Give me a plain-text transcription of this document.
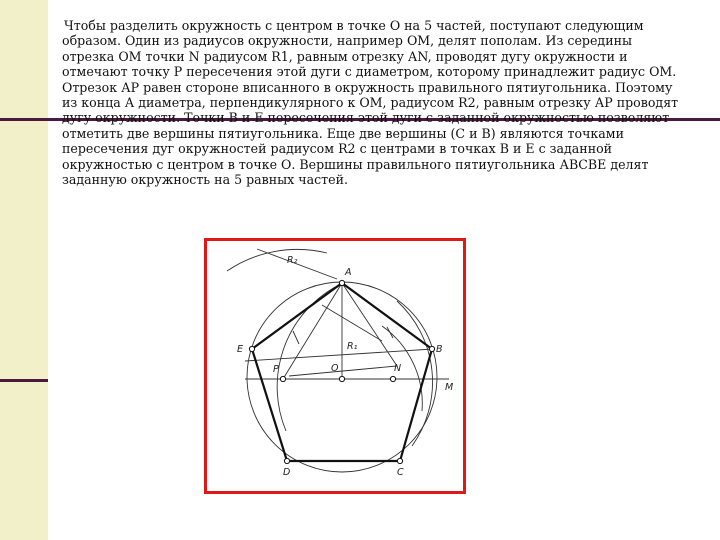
Чтобы разделить окружность с центром в точке О на 5 частей, поступают следующим образом. Один из радиусов окружности, например ОМ, делят пополам. Из середины отрезка ОМ точки N радиусом R1, равным отрезку АN, проводят дугу окружности и отмечают точку Р пересечения этой дуги с диаметром, которому принадлежит радиус ОМ. Отрезок АР равен стороне вписанного в окружность правильного пятиугольника. Поэтому из конца А диаметра, перпендикулярного к ОМ, радиусом R2, равным отрезку АР проводят дугу окружности. Точки В и Е пересечения этой дуги с заданной окружностью позволяют отметить две вершины пятиугольника. Еще две вершины (С и В) являются точками пересечения дуг окружностей радиусом R2 с центрами в точках В и Е с заданной окружностью с центром в точке О. Вершины правильного пятиугольника АВСВЕ делят заданную окружность на 5 равных частей.

A
B
C
D
E
O	N
P
M
R₂
R₁
